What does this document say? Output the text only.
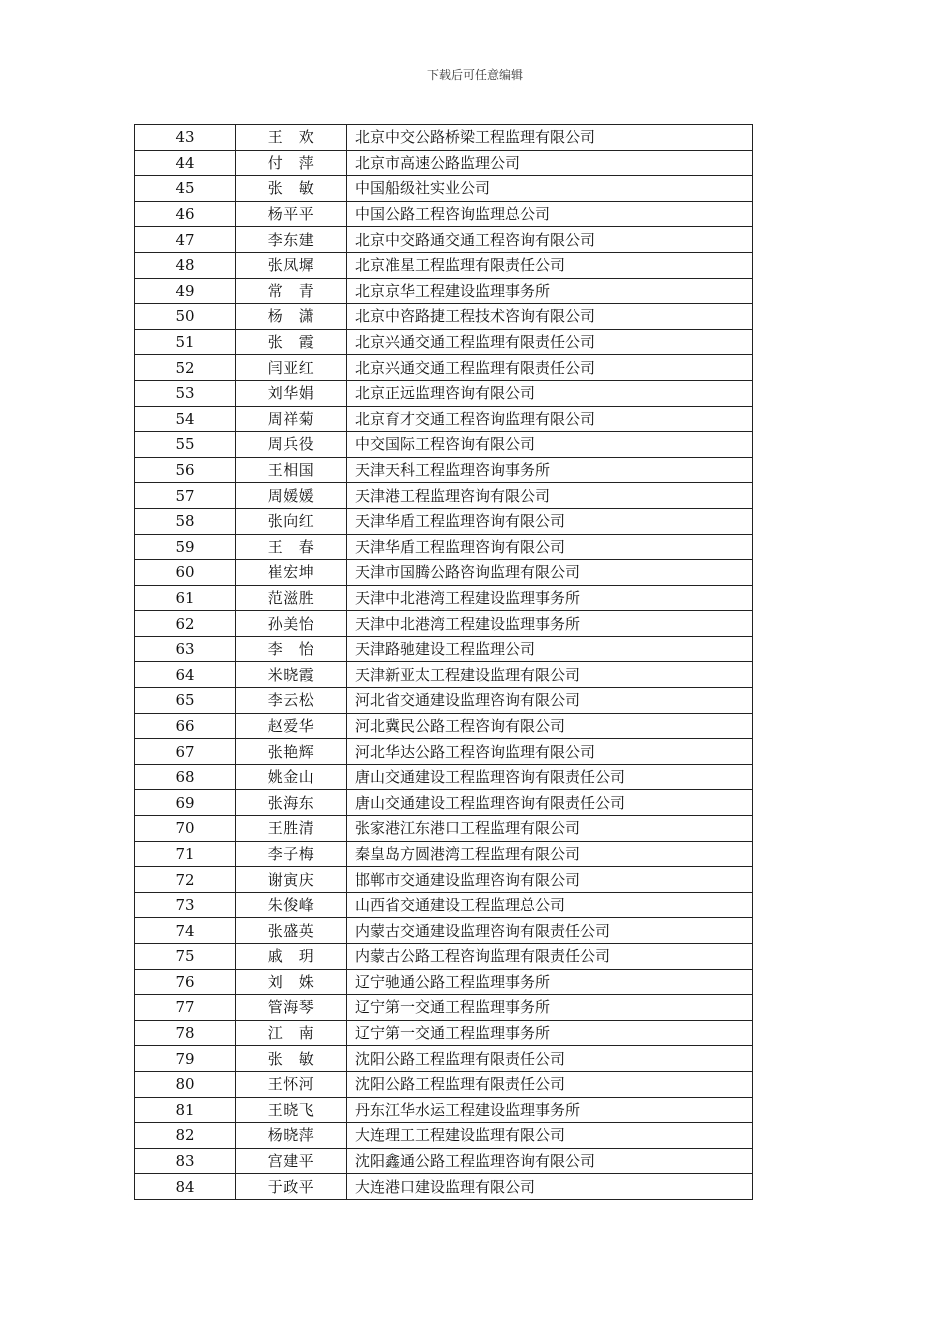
下载后可任意编辑
43	王　欢	北京中交公路桥梁工程监理有限公司
44	付　萍	北京市高速公路监理公司
45	张　敏	中国船级社实业公司
46	杨平平	中国公路工程咨询监理总公司
47	李东建	北京中交路通交通工程咨询有限公司
48	张凤墀	北京准星工程监理有限责任公司
49	常　青	北京京华工程建设监理事务所
50	杨　潇	北京中咨路捷工程技术咨询有限公司
51	张　霞	北京兴通交通工程监理有限责任公司
52	闫亚红	北京兴通交通工程监理有限责任公司
53	刘华娟	北京正远监理咨询有限公司
54	周祥菊	北京育才交通工程咨询监理有限公司
55	周兵役	中交国际工程咨询有限公司
56	王相国	天津天科工程监理咨询事务所
57	周媛媛	天津港工程监理咨询有限公司
58	张向红	天津华盾工程监理咨询有限公司
59	王　春	天津华盾工程监理咨询有限公司
60	崔宏坤	天津市国腾公路咨询监理有限公司
61	范滋胜	天津中北港湾工程建设监理事务所
62	孙美怡	天津中北港湾工程建设监理事务所
63	李　怡	天津路驰建设工程监理公司
64	米晓霞	天津新亚太工程建设监理有限公司
65	李云松	河北省交通建设监理咨询有限公司
66	赵爱华	河北冀民公路工程咨询有限公司
67	张艳辉	河北华达公路工程咨询监理有限公司
68	姚金山	唐山交通建设工程监理咨询有限责任公司
69	张海东	唐山交通建设工程监理咨询有限责任公司
70	王胜清	张家港江东港口工程监理有限公司
71	李子梅	秦皇岛方圆港湾工程监理有限公司
72	谢寅庆	邯郸市交通建设监理咨询有限公司
73	朱俊峰	山西省交通建设工程监理总公司
74	张盛英	内蒙古交通建设监理咨询有限责任公司
75	戚　玥	内蒙古公路工程咨询监理有限责任公司
76	刘　姝	辽宁驰通公路工程监理事务所
77	管海琴	辽宁第一交通工程监理事务所
78	江　南	辽宁第一交通工程监理事务所
79	张　敏	沈阳公路工程监理有限责任公司
80	王怀河	沈阳公路工程监理有限责任公司
81	王晓飞	丹东江华水运工程建设监理事务所
82	杨晓萍	大连理工工程建设监理有限公司
83	宫建平	沈阳鑫通公路工程监理咨询有限公司
84	于政平	大连港口建设监理有限公司
